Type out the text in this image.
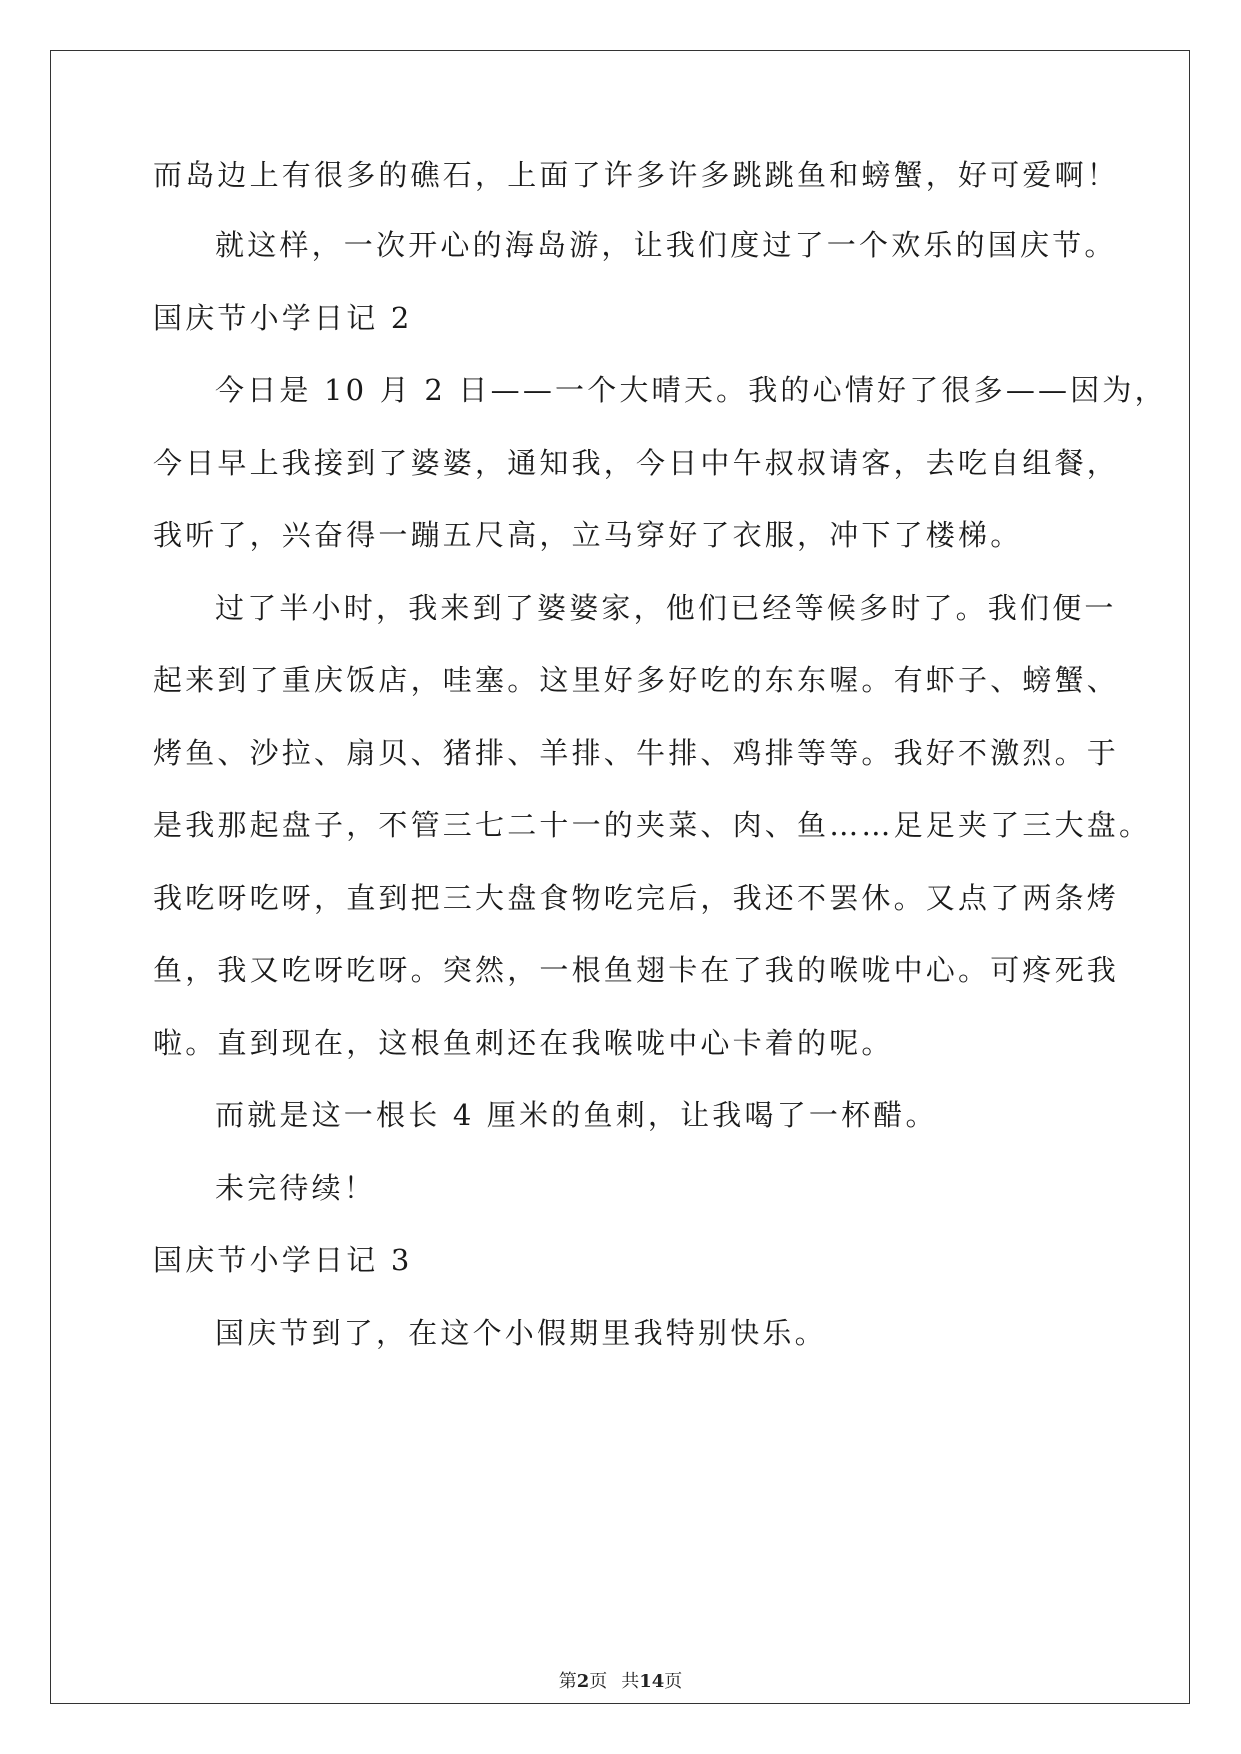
而岛边上有很多的礁石，上面了许多许多跳跳鱼和螃蟹，好可爱啊！
就这样，一次开心的海岛游，让我们度过了一个欢乐的国庆节。
国庆节小学日记 2
今日是 10 月 2 日——一个大晴天。我的心情好了很多——因为，
今日早上我接到了婆婆，通知我，今日中午叔叔请客，去吃自组餐，
我听了，兴奋得一蹦五尺高，立马穿好了衣服，冲下了楼梯。
过了半小时，我来到了婆婆家，他们已经等候多时了。我们便一
起来到了重庆饭店，哇塞。这里好多好吃的东东喔。有虾子、螃蟹、
烤鱼、沙拉、扇贝、猪排、羊排、牛排、鸡排等等。我好不激烈。于
是我那起盘子，不管三七二十一的夹菜、肉、鱼……足足夹了三大盘。
我吃呀吃呀，直到把三大盘食物吃完后，我还不罢休。又点了两条烤
鱼，我又吃呀吃呀。突然，一根鱼翅卡在了我的喉咙中心。可疼死我
啦。直到现在，这根鱼刺还在我喉咙中心卡着的呢。
而就是这一根长 4 厘米的鱼刺，让我喝了一杯醋。
未完待续！
国庆节小学日记 3
国庆节到了，在这个小假期里我特别快乐。
第2页 共14页
